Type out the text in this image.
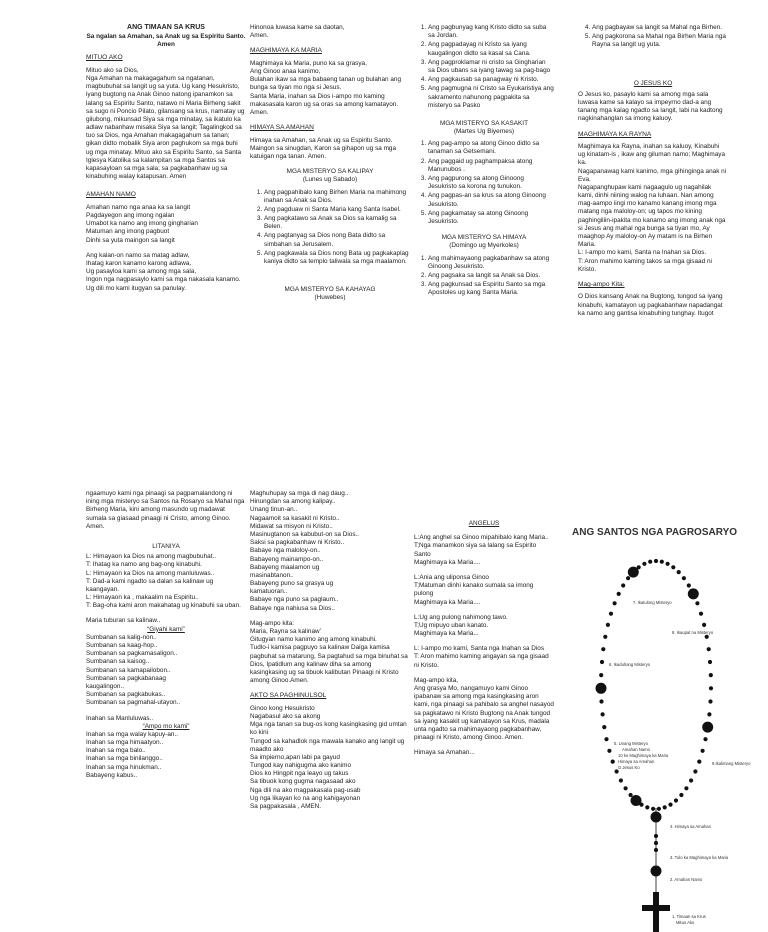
ANG TIMAAN SA KRUS
Sa ngalan sa Amahan, sa Anak ug sa Espiritu Santo. Amen
MITUO AKO

Mituo ako sa Dios,
Nga Amahan na makagagahum sa ngatanan, magbubuhat sa langit ug sa yuta. Ug kang Hesukristo, iyang bugtong na Anak Ginoo natong ipanamkon sa lalang sa Espiritu Santo, natawo ni Maria Birheng sakit sa sugo ni Poncio Pilato, gilansang sa krus, namatay ug gilubong, mikunsad Siya sa mga minatay, sa ikatulo ka adlaw nabanhaw misaka Siya sa langit; Tagalingkod sa tuo sa Dios, nga Amahan makagagahum sa tanan; gikan didto mobalik Siya aron paghukom sa mga buhi ug mga minatay. Mituo ako sa Espiritu Santo, sa Santa Iglesya Katolika sa kalampitan sa mga Santos sa kapasayloan sa mga sala; sa pagkabanhaw ug sa kinabuhing walay katapusan. Amen

AMAHAN NAMO

Amahan namo nga anaa ka sa langit
Pagdayegon ang imong ngalan
Umabot ka namo ang imong gingharian
Matuman ang imong pagbuot
Dinhi sa yuta maingon sa langit

Ang kalan-on namo sa matag adlaw,
Ihatag karon kanamo karong adlawa,
Ug pasayloa kami sa among mga sala,
Ingon nga nagpasaylo kami sa mga nakasala kanamo.
Ug dili mo kami itugyan sa panulay.

Hinonoa luwasa kame sa daotan,
Amen.

MAGHIMAYA KA MARIA

Maghimaya ka Maria, puno ka sa grasya,
Ang Ginoo anaa kanimo,
Bulahan ikaw sa mga babaeng tanan ug bulahan ang bunga sa tiyan mo nga si Jesus.
Santa Maria, inahan sa Dios i-ampo mo kaming makasasala karon ug sa oras sa among kamatayon. Amen.

HIMAYA SA AMAHAN

Himaya sa Amahan, sa Anak ug sa Espiritu Santo. Maingon sa sinugdan, Karon sa gihapon ug sa mga katuigan nga tanan. Amen.

MGA MISTERYO SA KALIPAY
(Lunes ug Sabado)
1. Ang pagpahibalo kang Birhen Maria na mahimong inahan sa Anak sa Dios.
2. Ang pagduaw ni Santa Maria kang Santa Isabel.
3. Ang pagkatawo sa Anak sa Dios sa kamalig sa Belen.
4. Ang pagtanyag sa Dios nong Bata didto sa simbahan sa Jerusalem.
5. Ang pagkawala sa Dios nong Bata ug pagkakaplag kaniya didto sa templo taliwala sa mga maalamon.
MGA MISTERYO SA KAHAYAG
(Huwebes)
1. Ang pagbunyag kang Kristo didto sa suba sa Jordan.
2. Ang pagpadayag ni Kristo sa iyang kaugalingon didto sa kasal sa Cana.
3. Ang pagproklamar ni cristo sa Gingharian sa Dios ubans sa iyang tawag sa pag-bago
4. Ang pagkausab sa panagway ni Kristo.
5. Ang pagmugna ni Cristo sa Eyukaristiya ang sakramento nahunong pagpakita sa misteryo sa Pasko
MGA MISTERYO SA KASAKIT
(Martes Ug Biyernes)
1. Ang pag-ampo sa atong Ginoo didto sa tanaman sa Getsemani.
2. Ang paggaid ug paghampaksa atong Manunubos .
3. Ang pagpurong sa atong Ginoong Jesukristo sa korona ng tunukon.
4. Ang pagpas-an sa krus sa atong Ginoong Jesukristo.
5. Ang pagkamatay sa atong Ginoong Jesukristo.
MGA MISTERYO SA HIMAYA
(Domingo ug Myerkoles)
1. Ang mahimayaong pagkabanhaw sa atong Ginoong Jesukristo.
2. Ang pagsaka sa langit sa Anak sa Dios.
3. Ang pagkunsad sa Espiritu Santo sa mga Apostoles ug kang Santa Maria.
4. Ang pagbayaw sa langit sa Mahal nga Birhen.
5. Ang pagkorona sa Mahal nga Birhen Maria nga Rayna sa langit ug yuta.
O JESUS KO

O Jesus ko, pasaylo kami sa among mga sala luwasa kame sa kalayo sa impeyrno dad-a ang tanang mga kalag ngadto sa langit, labi na kadtong nagkinahanglan sa imong kaluoy.

MAGHIMAYA KA RAYNA

Maghimaya ka Rayna, inahan sa kaluoy, Kinabuhi ug kinatam-is , ikaw ang giluman namo; Maghimaya ka.
Nagapanawag kami kanimo, mga gihinginga anak ni Eva.
Nagapanghupaw kami nagaagulo ug nagahilak kami, dinhi niining walog na luhaan. Nan among mag-aampo iingi mo kanamo kanang imong mga matang nga maloloy-on; ug tapos mo kining paghingiliin-ipakita mo kanamo ang imong anak nga si Jesus ang mahal nga bunga sa tiyan mo, Ay maaghop Ay maloloy-on Ay matam is na Birhen Maria.
L: I-ampo mo kami, Santa na Inahan sa Dios.
T: Aron mahimo kaming takos sa mga gisaad ni Kristo.

Mag-ampo Kita:

O Dios kansang Anak na Bugtong, tungod sa iyang kinabuhi, kamatayon ug pagkabanhaw napadangat ka namo ang gantisa kinabuhing tunghay. Itugot

ngaamuyo kami nga pinaagi sa pagpamalandong ni ining mga misteryo sa Santos na Rosaryo sa Mahal nga Birheng Maria, kini among masundo ug madawat sumala sa giasaad pinaagi ni Cristo, among Ginoo. Amen.

LITANIYA

L: Himayaon ka Dios na among magbubuhat..
T: Ihatag ka namo ang bag-ong kinabuhi.
L: Himayaon ka Dios na among manluluwas..
T: Dad-a kami ngadto sa dalan sa kalinaw ug kaangayan.
L: Himayaon ka , makaalim na Espiritu..
T: Bag-oha kami aron makahatag ug kinabuhi sa uban.

Maria tuburan sa kalinaw..
“Giyahi kami”

Sumbanan sa kalig-non..
Sumbanan sa kaag-hop..
Sumbanan sa pagkamasaligon..
Sumbanan sa kaisog..
Sumbanan sa kamapailobon..
Sumbanan sa pagkabanaag
kaugalingon..
Sumbanan sa pagkabukas..
Sumbanan sa pagmahal-utayon..

Inahan sa Manluluwas..
“Ampo mo kami”

Inahan sa mga walay kapuy-an..
Inahan sa mga himaatyon..
Inahan sa mga balo..
Inahan sa mga binilanggo..
Inahan sa mga hinukman..
Babayeng kabus..

Maghuhupay sa mga di nag daug..
Hinungdan sa among kalipay..
Unang tinun-an..
Nagaamoit sa kasakit ni Kristo..
Midawat sa misyon ni Kristo..
Masinugtanon sa kabubut-on sa Dios..
Saksi sa pagkabanhaw ni Kristo..
Babaye nga maloloy-on..
Babayeng mainampo-on..
Babayeng maalamon ug
masinabtanon..
Babayeng puno sa grasya ug
kamatuoran..
Babaye nga puno sa paglaum..
Babaye nga nahiusa sa Dios..

Mag-ampo kita:
Maria, Rayna sa kalinaw’
Gitugyan namo kanimo ang among kinabuhi.
Tudlo-i kamisa pagpuyo sa kalinaw Daiga kamisa pagbuhat sa matarung, Sa pagtahud sa mga binuhat sa Dios, Ipatidlum ang kalinaw diha sa among kasingkasing ug sa tibuok kalibutan Pinaagi ni Kristo among Ginoo.Amen.

AKTO SA PAGHINULSOL

Ginoo kong Hesukristo
Nagabasul ako sa akong
Mga nga tanan sa bug-os kong kasingkasing gid umtan ko kini
Tungod sa kahadlok nga mawala kanako ang langit ug maadto ako
Sa impierno,apan labi pa gayud
Tungod kay nahigugma ako kanimo
Dios ko Hingpit nga leayo ug takus
Sa tibuok kong gugma nagasaad ako
Nga dili na ako magpakasala pag-usab
Ug nga likayan ko na ang kahigayonan
Sa pagpakasala , AMEN.

ANGELUS

L:Ang anghel sa Ginoo mipahibalo kang Maria..
T;Nga manamkon siya sa lalang sa Espirito
Santo
Maghimaya ka Maria....

L:Ania ang uliponsa Ginoo
T;Matuman dinhi kanako sumala sa imong pulong
Maghimaya ka Maria....

L:Ug ang pulong nahimong tawo.
T;Ug mipuyo uban kanato.
Maghimaya ka Maria...

L: I-ampo mo kami, Santa nga Inahan sa Dios
T: Aron mahimo kaming angayan sa nga gisaad ni Kristo.

Mag-ampo kita,
Ang grasya Mo, nangamuyo kami Ginoo ipabanaw sa among mga kasingkasing aron kami, nga pinaagi sa pahibalo sa anghel nasayod sa pagkatawo ni Kristo Bugtong na Anak tungod sa iyang kasakit ug kamatayon sa Krus, madala unta ngadto sa mahimayaong pagkabanhaw, pinaagi ni Kristo, among Ginoo. Amen.

Himaya sa Amahan...

ANG SANTOS NGA PAGROSARYO
7. Ikatulong Misteryo
8. Ikaupat na Misteryo
6. Ikaduhang Misteryo
5. Unang Misteryo
Amahan Namo
10 ko Maghimaya ka Maria
Himaya sa Amahan
O Jesus Ko
9.Ikalimang Misteryo
4. Himaya sa Amahan
3. Tulo ka Maghimaya ka Maria
2. Amahan Namo
1. Timaan sa Krus
Mituo Ako
